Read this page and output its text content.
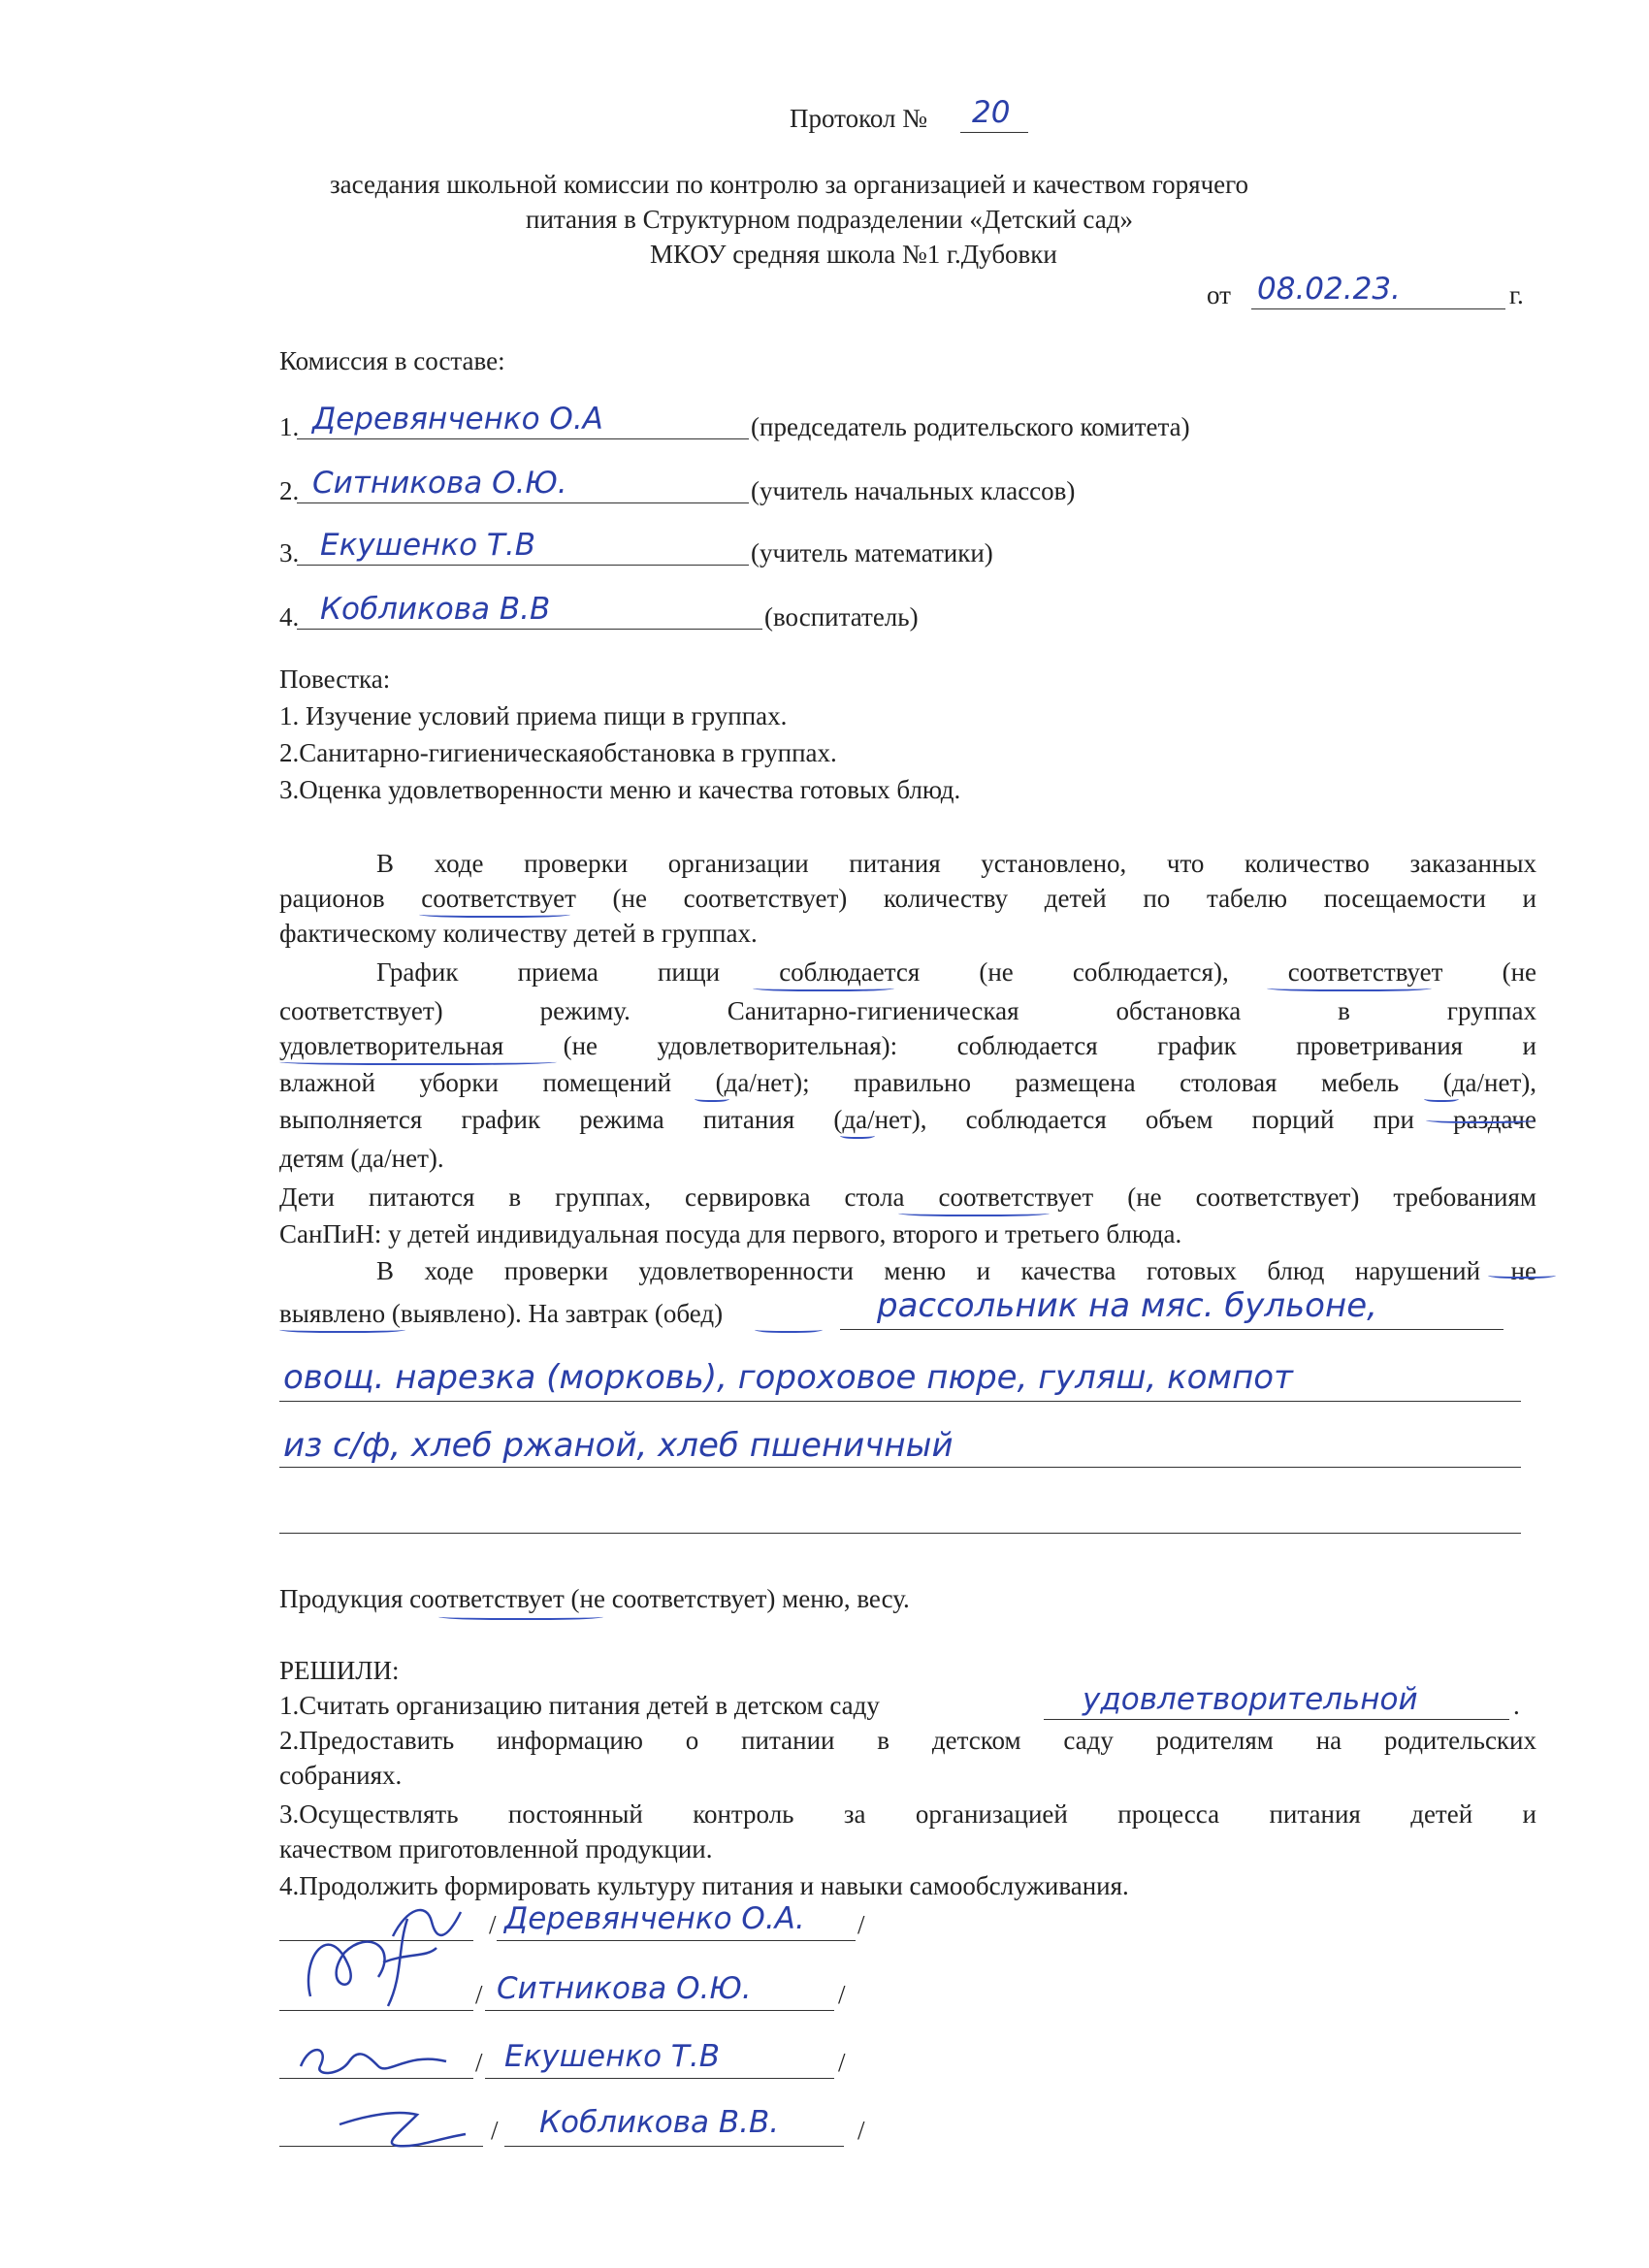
Протокол № 20
заседания школьной комиссии по контролю за организацией и качеством горячего
питания в Структурном подразделении «Детский сад»
МКОУ средняя школа №1 г.Дубовки
от 08.02.23.	г.
Комиссия в составе:
1. Деревянченко О.А	(председатель родительского комитета)
2. Ситникова О.Ю.	(учитель начальных классов)
3. Екушенко Т.В	(учитель математики)
4. Кобликова В.В	(воспитатель)
Повестка:
1. Изучение условий приема пищи в группах.
2.Санитарно-гигиеническаяобстановка в группах.
3.Оценка удовлетворенности меню и качества готовых блюд.
В ходе проверки организации питания установлено, что количество заказанных
рационов соответствует (не соответствует) количеству детей по табелю посещаемости и
фактическому количеству детей в группах.
График приема пищи соблюдается (не соблюдается), соответствует (не
соответствует) режиму. Санитарно-гигиеническая обстановка в группах
удовлетворительная (не удовлетворительная): соблюдается график проветривания и
влажной уборки помещений (да/нет); правильно размещена столовая мебель (да/нет),
выполняется график режима питания (да/нет), соблюдается объем порций при раздаче
детям (да/нет).
Дети питаются в группах, сервировка стола соответствует (не соответствует) требованиям
СанПиН: у детей индивидуальная посуда для первого, второго и третьего блюда.
В ходе проверки удовлетворенности меню и качества готовых блюд нарушений не
выявлено (выявлено). На завтрак (обед)	рассольник на мяс. бульоне,
овощ. нарезка (морковь), гороховое пюре, гуляш, компот
из с/ф, хлеб ржаной, хлеб пшеничный
Продукция соответствует (не соответствует) меню, весу.
РЕШИЛИ:
1.Считать организацию питания детей в детском саду	удовлетворительной	.
2.Предоставить информацию о питании в детском саду родителям на родительских
собраниях.
3.Осуществлять постоянный контроль за организацией процесса питания детей и
качеством приготовленной продукции.
4.Продолжить формировать культуру питания и навыки самообслуживания.
/ Деревянченко О.А. /
/ Ситникова О.Ю.	/
/ Екушенко Т.В	/
/ Кобликова В.В.	/
